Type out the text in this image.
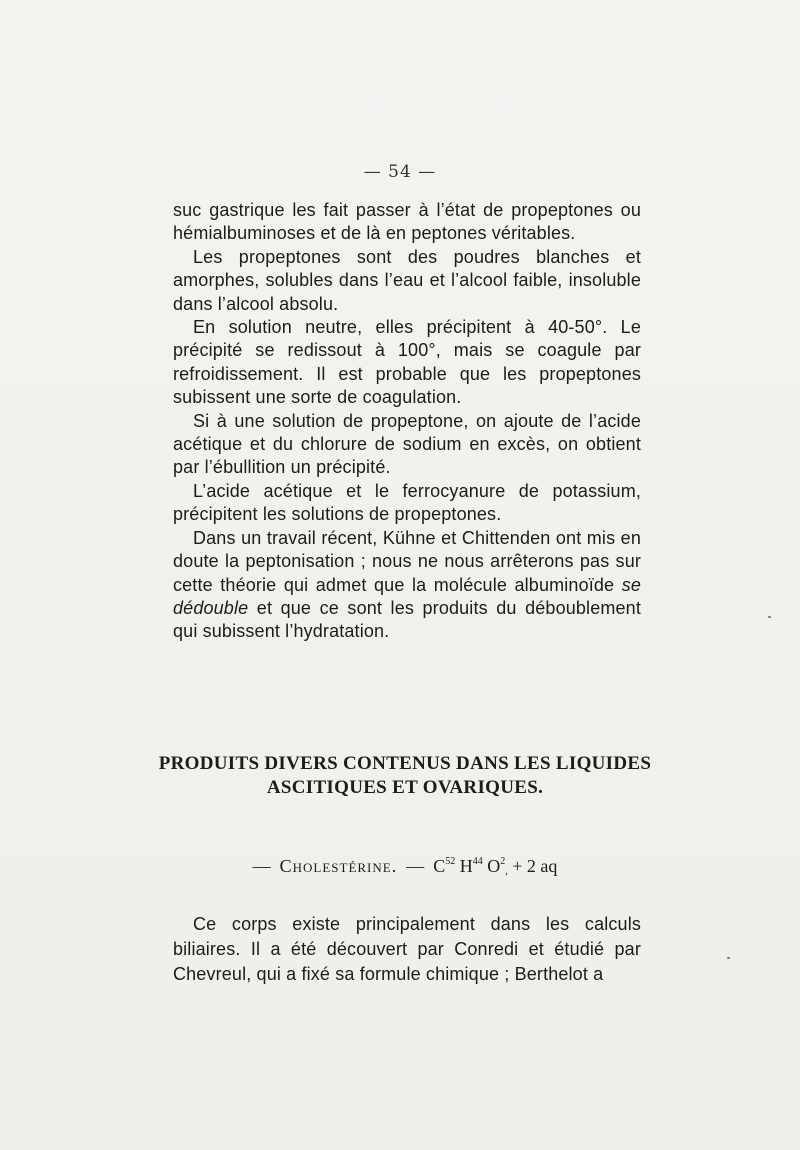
— 54 —

suc gastrique les fait passer à l’état de propeptones ou hémialbuminoses et de là en peptones véritables.

Les propeptones sont des poudres blanches et amorphes, solubles dans l’eau et l’alcool faible, insoluble dans l’alcool absolu.

En solution neutre, elles précipitent à 40-50°. Le précipité se redissout à 100°, mais se coagule par refroidissement. Il est probable que les propeptones subissent une sorte de coagulation.

Si à une solution de propeptone, on ajoute de l’acide acétique et du chlorure de sodium en excès, on obtient par l’ébullition un précipité.

L’acide acétique et le ferrocyanure de potassium, précipitent les solutions de propeptones.

Dans un travail récent, Kühne et Chittenden ont mis en doute la peptonisation ; nous ne nous arrêterons pas sur cette théorie qui admet que la molécule albuminoïde se dédouble et que ce sont les produits du déboublement qui subissent l’hydratation.

PRODUITS DIVERS CONTENUS DANS LES LIQUIDES
ASCITIQUES ET OVARIQUES.
— Cholestérine. — $C^{52}$ $H^{44}$ $O^2_, + 2$ aq

Ce corps existe principalement dans les calculs biliaires. Il a été découvert par Conredi et étudié par Chevreul, qui a fixé sa formule chimique ; Berthelot a
